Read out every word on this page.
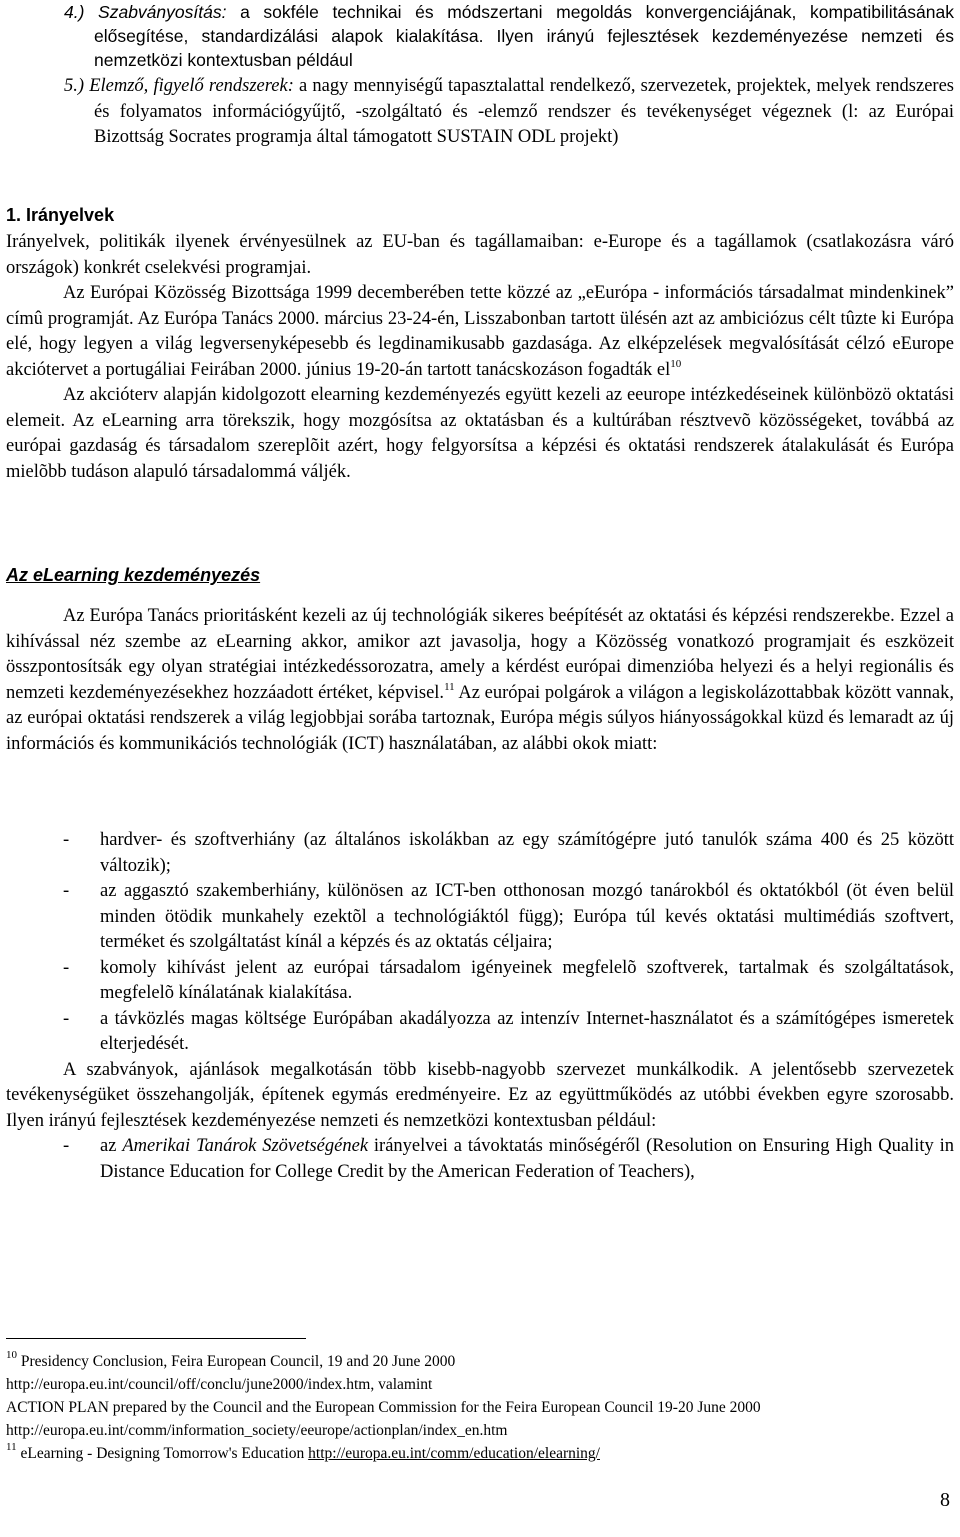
4.) Szabványosítás: a sokféle technikai és módszertani megoldás konvergenciájának, kompatibilitásának elősegítése, standardizálási alapok kialakítása. Ilyen irányú fejlesztések kezdeményezése nemzeti és nemzetközi kontextusban például

5.) Elemző, figyelő rendszerek: a nagy mennyiségű tapasztalattal rendelkező, szervezetek, projektek, melyek rendszeres és folyamatos információgyűjtő, -szolgáltató és -elemző rendszer és tevékenységet végeznek (l: az Európai Bizottság Socrates programja által támogatott SUSTAIN ODL projekt)

1. Irányelvek

Irányelvek, politikák ilyenek érvényesülnek az EU-ban és tagállamaiban: e-Europe és a tagállamok (csatlakozásra váró országok) konkrét cselekvési programjai.

Az Európai Közösség Bizottsága 1999 decemberében tette közzé az „eEurópa - információs társadalmat mindenkinek” címû programját. Az Európa Tanács 2000. március 23-24-én, Lisszabonban tartott ülésén azt az ambiciózus célt tûzte ki Európa elé, hogy legyen a világ legversenyképesebb és legdinamikusabb gazdasága. Az elképzelések megvalósítását célzó eEurope akciótervet a portugáliai Feirában 2000. június 19-20-án tartott tanácskozáson fogadták $el^{10}$

Az akcióterv alapján kidolgozott elearning kezdeményezés együtt kezeli az eeurope intézkedéseinek különbözö oktatási elemeit. Az eLearning arra törekszik, hogy mozgósítsa az oktatásban és a kultúrában résztvevõ közösségeket, továbbá az európai gazdaság és társadalom szereplõit azért, hogy felgyorsítsa a képzési és oktatási rendszerek átalakulását és Európa mielõbb tudáson alapuló társadalommá váljék.

Az eLearning kezdeményezés

Az Európa Tanács prioritásként kezeli az új technológiák sikeres beépítését az oktatási és képzési rendszerekbe. Ezzel a kihívással néz szembe az eLearning akkor, amikor azt javasolja, hogy a Közösség vonatkozó programjait és eszközeit összpontosítsák egy olyan stratégiai intézkedéssorozatra, amely a kérdést európai dimenzióba helyezi és a helyi regionális és nemzeti kezdeményezésekhez hozzáadott értéket, képvisel.$^{11}$ Az európai polgárok a világon a legiskolázottabbak között vannak, az európai oktatási rendszerek a világ legjobbjai sorába tartoznak, Európa mégis súlyos hiányosságokkal küzd és lemaradt az új információs és kommunikációs technológiák (ICT) használatában, az alábbi okok miatt:

- hardver- és szoftverhiány (az általános iskolákban az egy számítógépre jutó tanulók száma 400 és 25 között változik);
- az aggasztó szakemberhiány, különösen az ICT-ben otthonosan mozgó tanárokból és oktatókból (öt éven belül minden ötödik munkahely ezektõl a technológiáktól függ); Európa túl kevés oktatási multimédiás szoftvert, terméket és szolgáltatást kínál a képzés és az oktatás céljaira;
- komoly kihívást jelent az európai társadalom igényeinek megfelelõ szoftverek, tartalmak és szolgáltatások, megfelelõ kínálatának kialakítása.
- a távközlés magas költsége Európában akadályozza az intenzív Internet-használatot és a számítógépes ismeretek elterjedését.

A szabványok, ajánlások megalkotásán több kisebb-nagyobb szervezet munkálkodik. A jelentősebb szervezetek tevékenységüket összehangolják, építenek egymás eredményeire. Ez az együttműködés az utóbbi években egyre szorosabb. Ilyen irányú fejlesztések kezdeményezése nemzeti és nemzetközi kontextusban például:

- az Amerikai Tanárok Szövetségének irányelvei a távoktatás minőségéről (Resolution on Ensuring High Quality in Distance Education for College Credit by the American Federation of Teachers),
$^{10}$ Presidency Conclusion, Feira European Council, 19 and 20 June 2000
http://europa.eu.int/council/off/conclu/june2000/index.htm, valamint
ACTION PLAN prepared by the Council and the European Commission for the Feira European Council 19-20 June 2000
http://europa.eu.int/comm/information_society/eeurope/actionplan/index_en.htm
$^{11}$ eLearning - Designing Tomorrow's Education http://europa.eu.int/comm/education/elearning/
8
